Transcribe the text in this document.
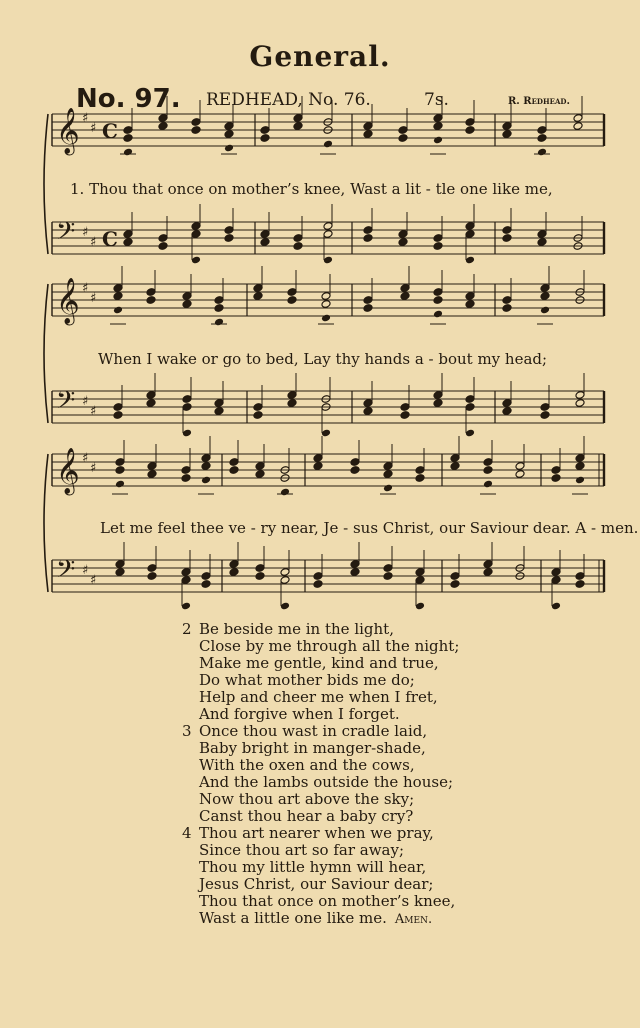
General.
No. 97. REDHEAD, No. 76.	7s.	R. Redhead.
𝄞 ♯
♯ C
𝄢 ♯
♯ C
𝄞 ♯
♯
𝄢 ♯
♯
𝄞 ♯
♯
𝄢 ♯
♯
1. Thou that once on mother’s knee, Wast a lit - tle one like me,
When I wake or go to bed, Lay thy hands a - bout my head;
Let me feel thee ve - ry near, Je - sus Christ, our Saviour dear. A - men.
2 Be beside me in the light,
Close by me through all the night;
Make me gentle, kind and true,
Do what mother bids me do;
Help and cheer me when I fret,
And forgive when I forget.
3 Once thou wast in cradle laid,
Baby bright in manger-shade,
With the oxen and the cows,
And the lambs outside the house;
Now thou art above the sky;
Canst thou hear a baby cry?
4 Thou art nearer when we pray,
Since thou art so far away;
Thou my little hymn will hear,
Jesus Christ, our Saviour dear;
Thou that once on mother’s knee,
Wast a little one like me. Amen.
